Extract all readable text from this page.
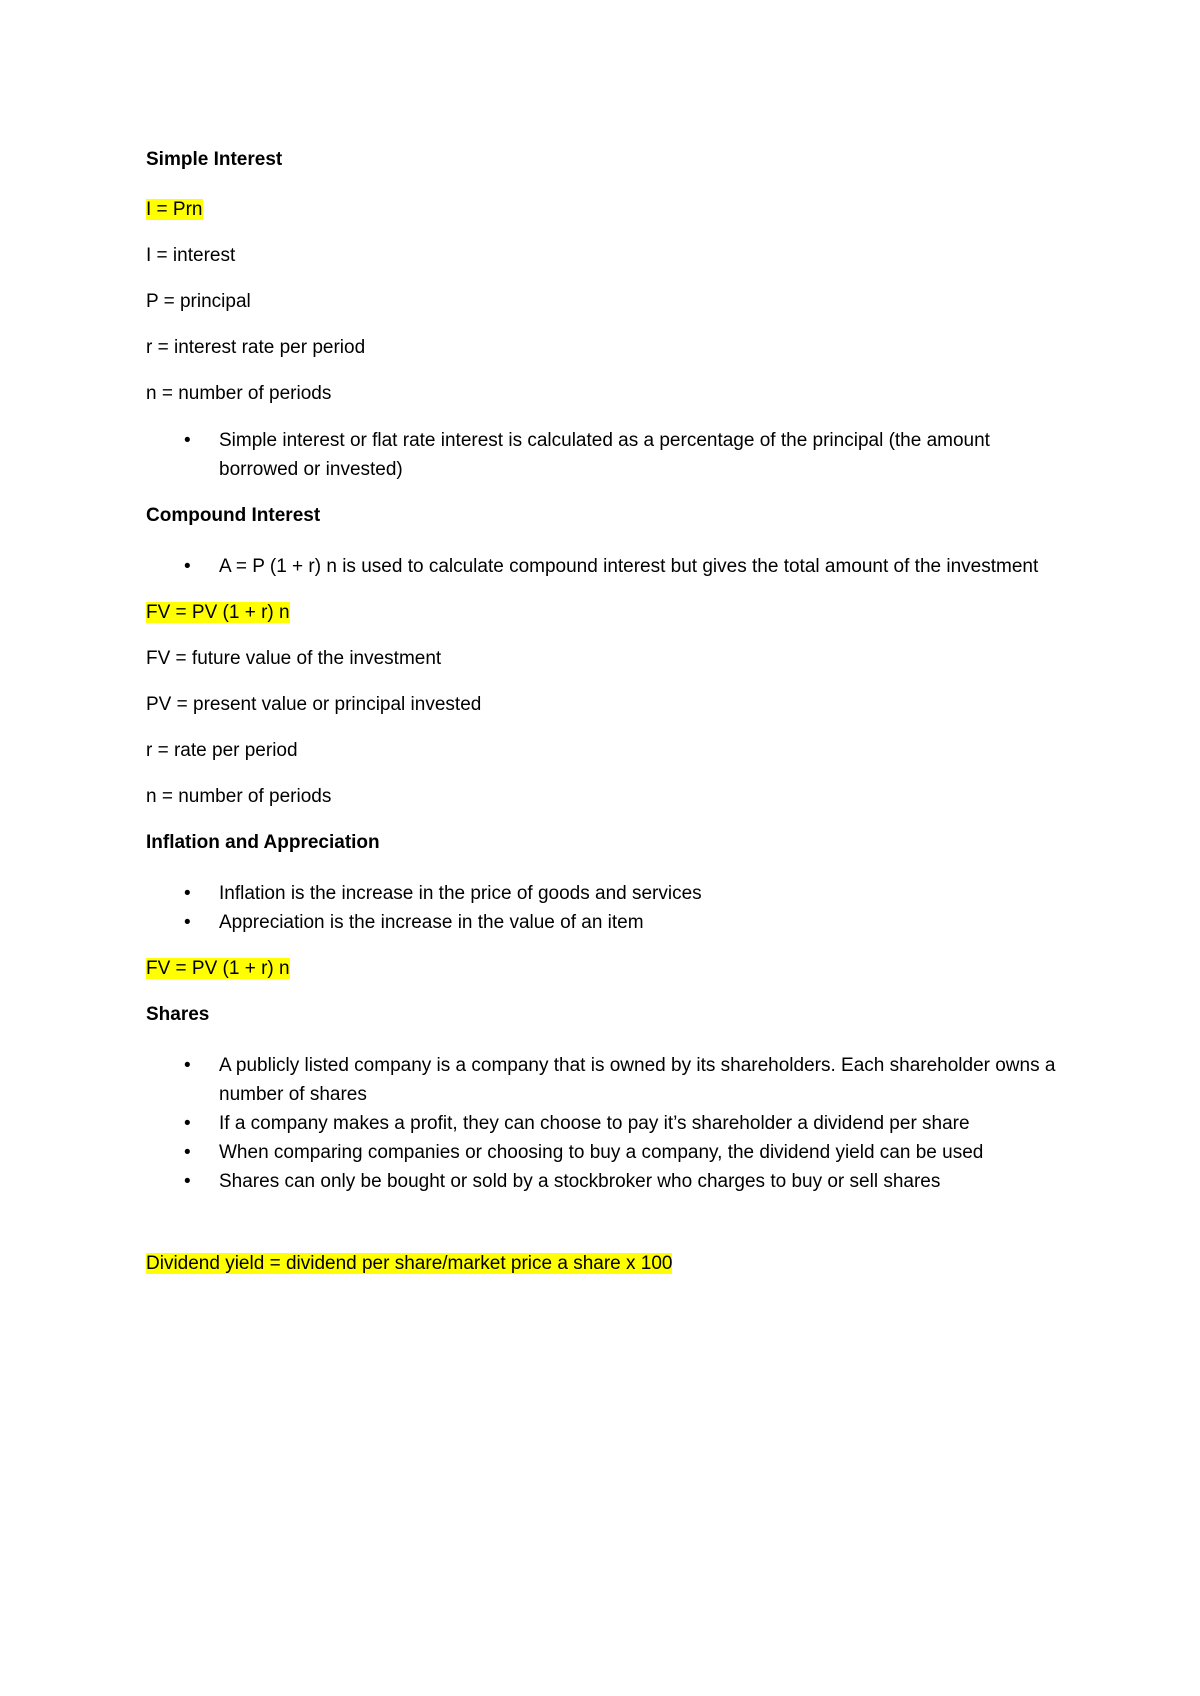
Simple Interest
I = Prn
I = interest
P = principal
r = interest rate per period
n = number of periods
• Simple interest or flat rate interest is calculated as a percentage of the principal (the amount borrowed or invested)
Compound Interest
• A = P (1 + r) n is used to calculate compound interest but gives the total amount of the investment
FV = PV (1 + r) n
FV = future value of the investment
PV = present value or principal invested
r = rate per period
n = number of periods
Inflation and Appreciation
• Inflation is the increase in the price of goods and services
• Appreciation is the increase in the value of an item
FV = PV (1 + r) n
Shares
• A publicly listed company is a company that is owned by its shareholders. Each shareholder owns a number of shares
• If a company makes a profit, they can choose to pay it’s shareholder a dividend per share
• When comparing companies or choosing to buy a company, the dividend yield can be used
• Shares can only be bought or sold by a stockbroker who charges to buy or sell shares
Dividend yield = dividend per share/market price a share x 100
